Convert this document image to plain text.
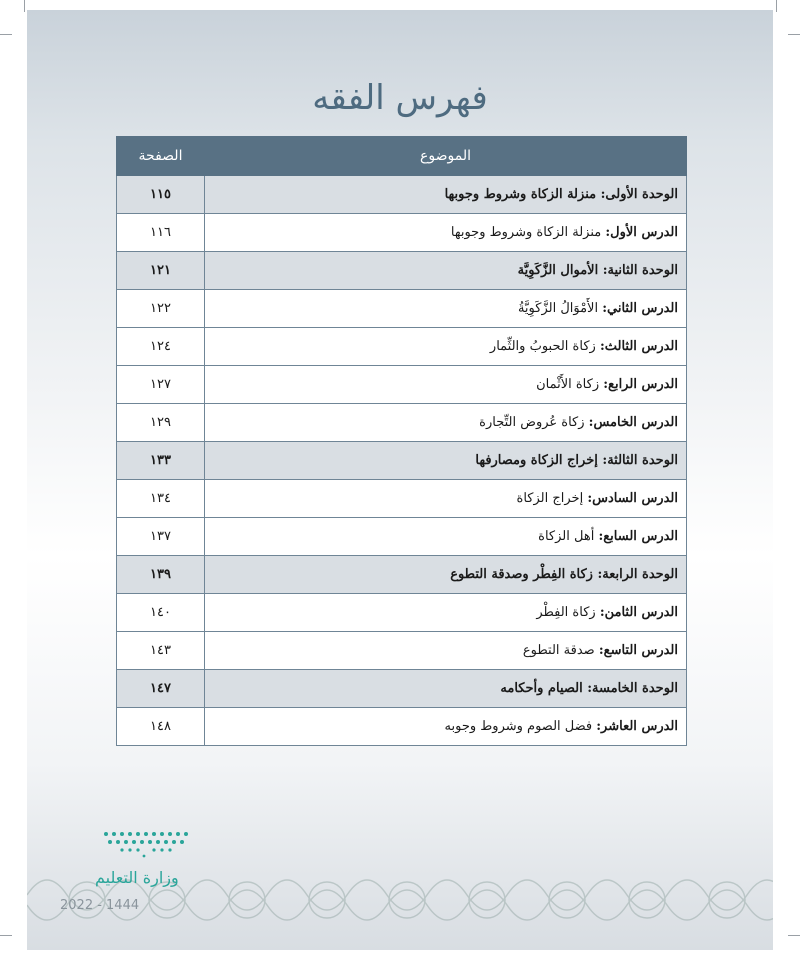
فهرس الفقه
الموضوع	الصفحة
الوحدة الأولى: منزلة الزكاة وشروط وجوبها	١١٥
الدرس الأول: منزلة الزكاة وشروط وجوبها	١١٦
الوحدة الثانية: الأموال الزَّكَوِيَّة	١٢١
الدرس الثاني: الأَمْوَالُ الزَّكَوِيَّةُ	١٢٢
الدرس الثالث: زكاة الحبوبُ والثِّمار	١٢٤
الدرس الرابع: زكاة الأَثْمان	١٢٧
الدرس الخامس: زكاة عُروض التِّجارة	١٢٩
الوحدة الثالثة: إخراج الزكاة ومصارفها	١٣٣
الدرس السادس: إخراج الزكاة	١٣٤
الدرس السابع: أهل الزكاة	١٣٧
الوحدة الرابعة: زكاة الفِطْر وصدقة التطوع	١٣٩
الدرس الثامن: زكاة الفِطْر	١٤٠
الدرس التاسع: صدقة التطوع	١٤٣
الوحدة الخامسة: الصيام وأحكامه	١٤٧
الدرس العاشر: فضل الصوم وشروط وجوبه	١٤٨
وزارة التعليم
2022 - 1444
